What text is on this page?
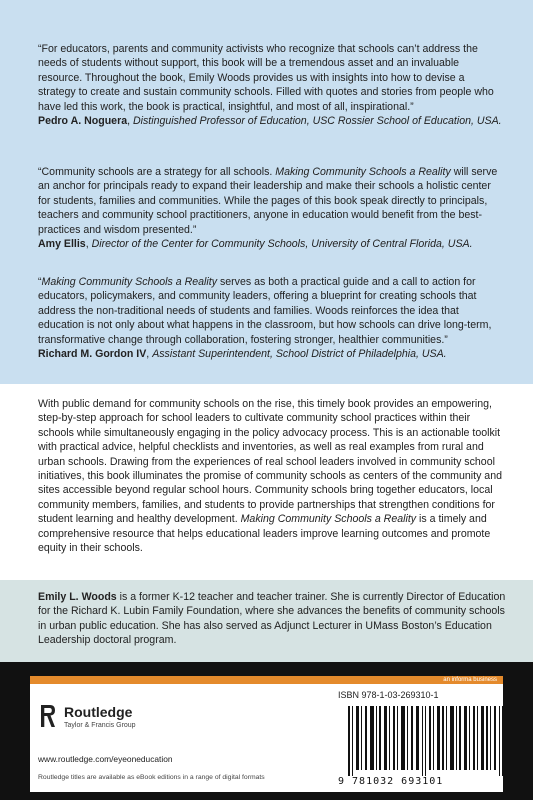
“For educators, parents and community activists who recognize that schools can’t address the needs of students without support, this book will be a tremendous asset and an invaluable resource. Throughout the book, Emily Woods provides us with insights into how to devise a strategy to create and sustain community schools. Filled with quotes and stories from people who have led this work, the book is practical, insightful, and most of all, inspirational.”

Pedro A. Noguera, Distinguished Professor of Education, USC Rossier School of Education, USA.

“Community schools are a strategy for all schools. Making Community Schools a Reality will serve an anchor for principals ready to expand their leadership and make their schools a holistic center for students, families and communities. While the pages of this book speak directly to principals, teachers and community school practitioners, anyone in education would benefit from the best-practices and wisdom presented.”

Amy Ellis, Director of the Center for Community Schools, University of Central Florida, USA.

“Making Community Schools a Reality serves as both a practical guide and a call to action for educators, policymakers, and community leaders, offering a blueprint for creating schools that address the non-traditional needs of students and families. Woods reinforces the idea that education is not only about what happens in the classroom, but how schools can drive long-term, transformative change through collaboration, fostering stronger, healthier communities.”

Richard M. Gordon IV, Assistant Superintendent, School District of Philadelphia, USA.

With public demand for community schools on the rise, this timely book provides an empowering, step-by-step approach for school leaders to cultivate community school practices within their schools while simultaneously engaging in the policy advocacy process. This is an actionable toolkit with practical advice, helpful checklists and inventories, as well as real examples from rural and urban schools. Drawing from the experiences of real school leaders involved in community school initiatives, this book illuminates the promise of community schools as centers of the community and sites accessible beyond regular school hours. Community schools bring together educators, local community members, families, and students to provide partnerships that strengthen conditions for student learning and healthy development. Making Community Schools a Reality is a timely and comprehensive resource that helps educational leaders improve learning outcomes and promote equity in their schools.
Emily L. Woods is a former K-12 teacher and teacher trainer. She is currently Director of Education for the Richard K. Lubin Family Foundation, where she advances the benefits of community schools in urban public education. She has also served as Adjunct Lecturer in UMass Boston’s Education Leadership doctoral program.
an informa business
Routledge
Taylor & Francis Group
www.routledge.com/eyeoneducation
Routledge titles are available as eBook editions in a range of digital formats
ISBN 978-1-03-269310-1
9 781032 693101
